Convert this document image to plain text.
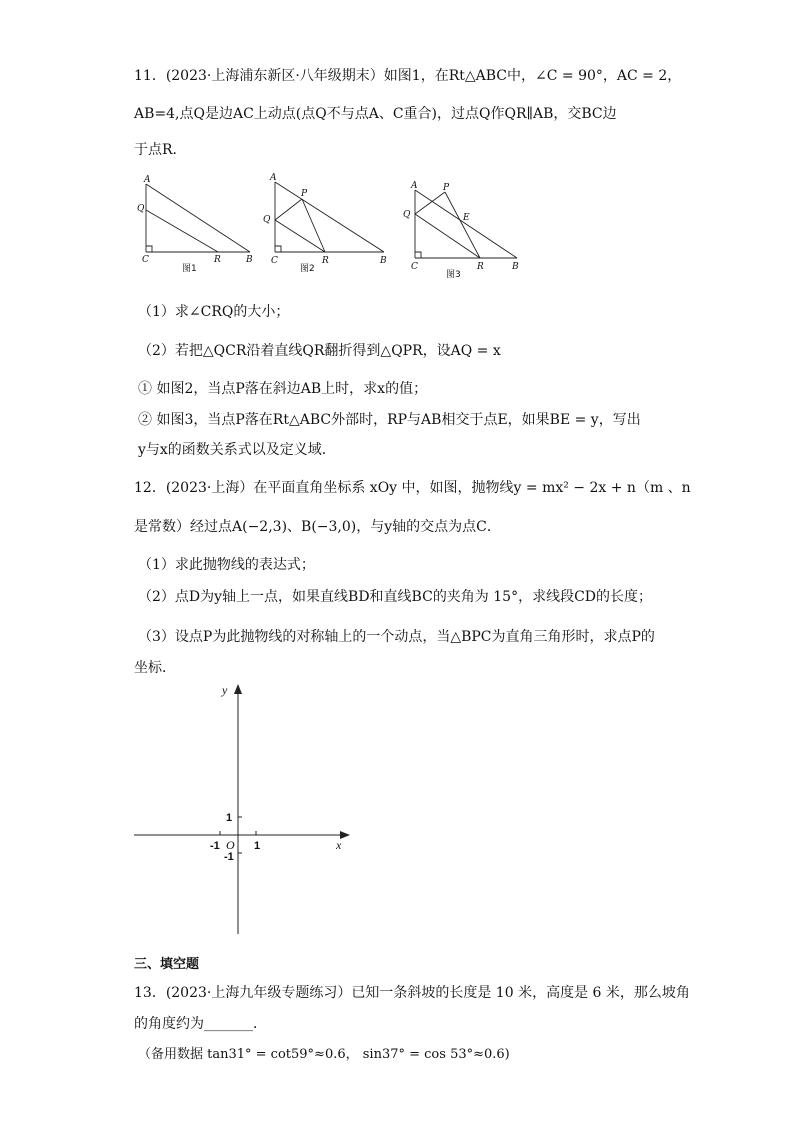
11．(2023·上海浦东新区·八年级期末）如图1，在Rt△ABC中，∠C = 90°，AC = 2，
AB=4,点Q是边AC上动点(点Q不与点A、C重合)，过点Q作QR∥AB，交BC边
于点R．
A
Q
C	R	B
图1
A
P
Q
C	R	B
图2
A	P
Q	E
C	R	B
图3
（1）求∠CRQ的大小；
（2）若把△QCR沿着直线QR翻折得到△QPR，设AQ = x
① 如图2，当点P落在斜边AB上时，求x的值；
② 如图3，当点P落在Rt△ABC外部时，RP与AB相交于点E，如果BE = y，写出
y与x的函数关系式以及定义域.
12．(2023·上海）在平面直角坐标系 xOy 中，如图，抛物线y = mx² − 2x + n（m 、n
是常数）经过点A(−2,3)、B(−3,0)，与y轴的交点为点C．
（1）求此抛物线的表达式；
（2）点D为y轴上一点，如果直线BD和直线BC的夹角为 15°，求线段CD的长度；
（3）设点P为此抛物线的对称轴上的一个动点，当△BPC为直角三角形时，求点P的
坐标．
y
x
1
-1 O 1
-1
三、填空题
13．(2023·上海九年级专题练习）已知一条斜坡的长度是 10 米，高度是 6 米，那么坡角
的角度约为_______．
（备用数据 tan31° = cot59°≈0.6， sin37° = cos 53°≈0.6)
